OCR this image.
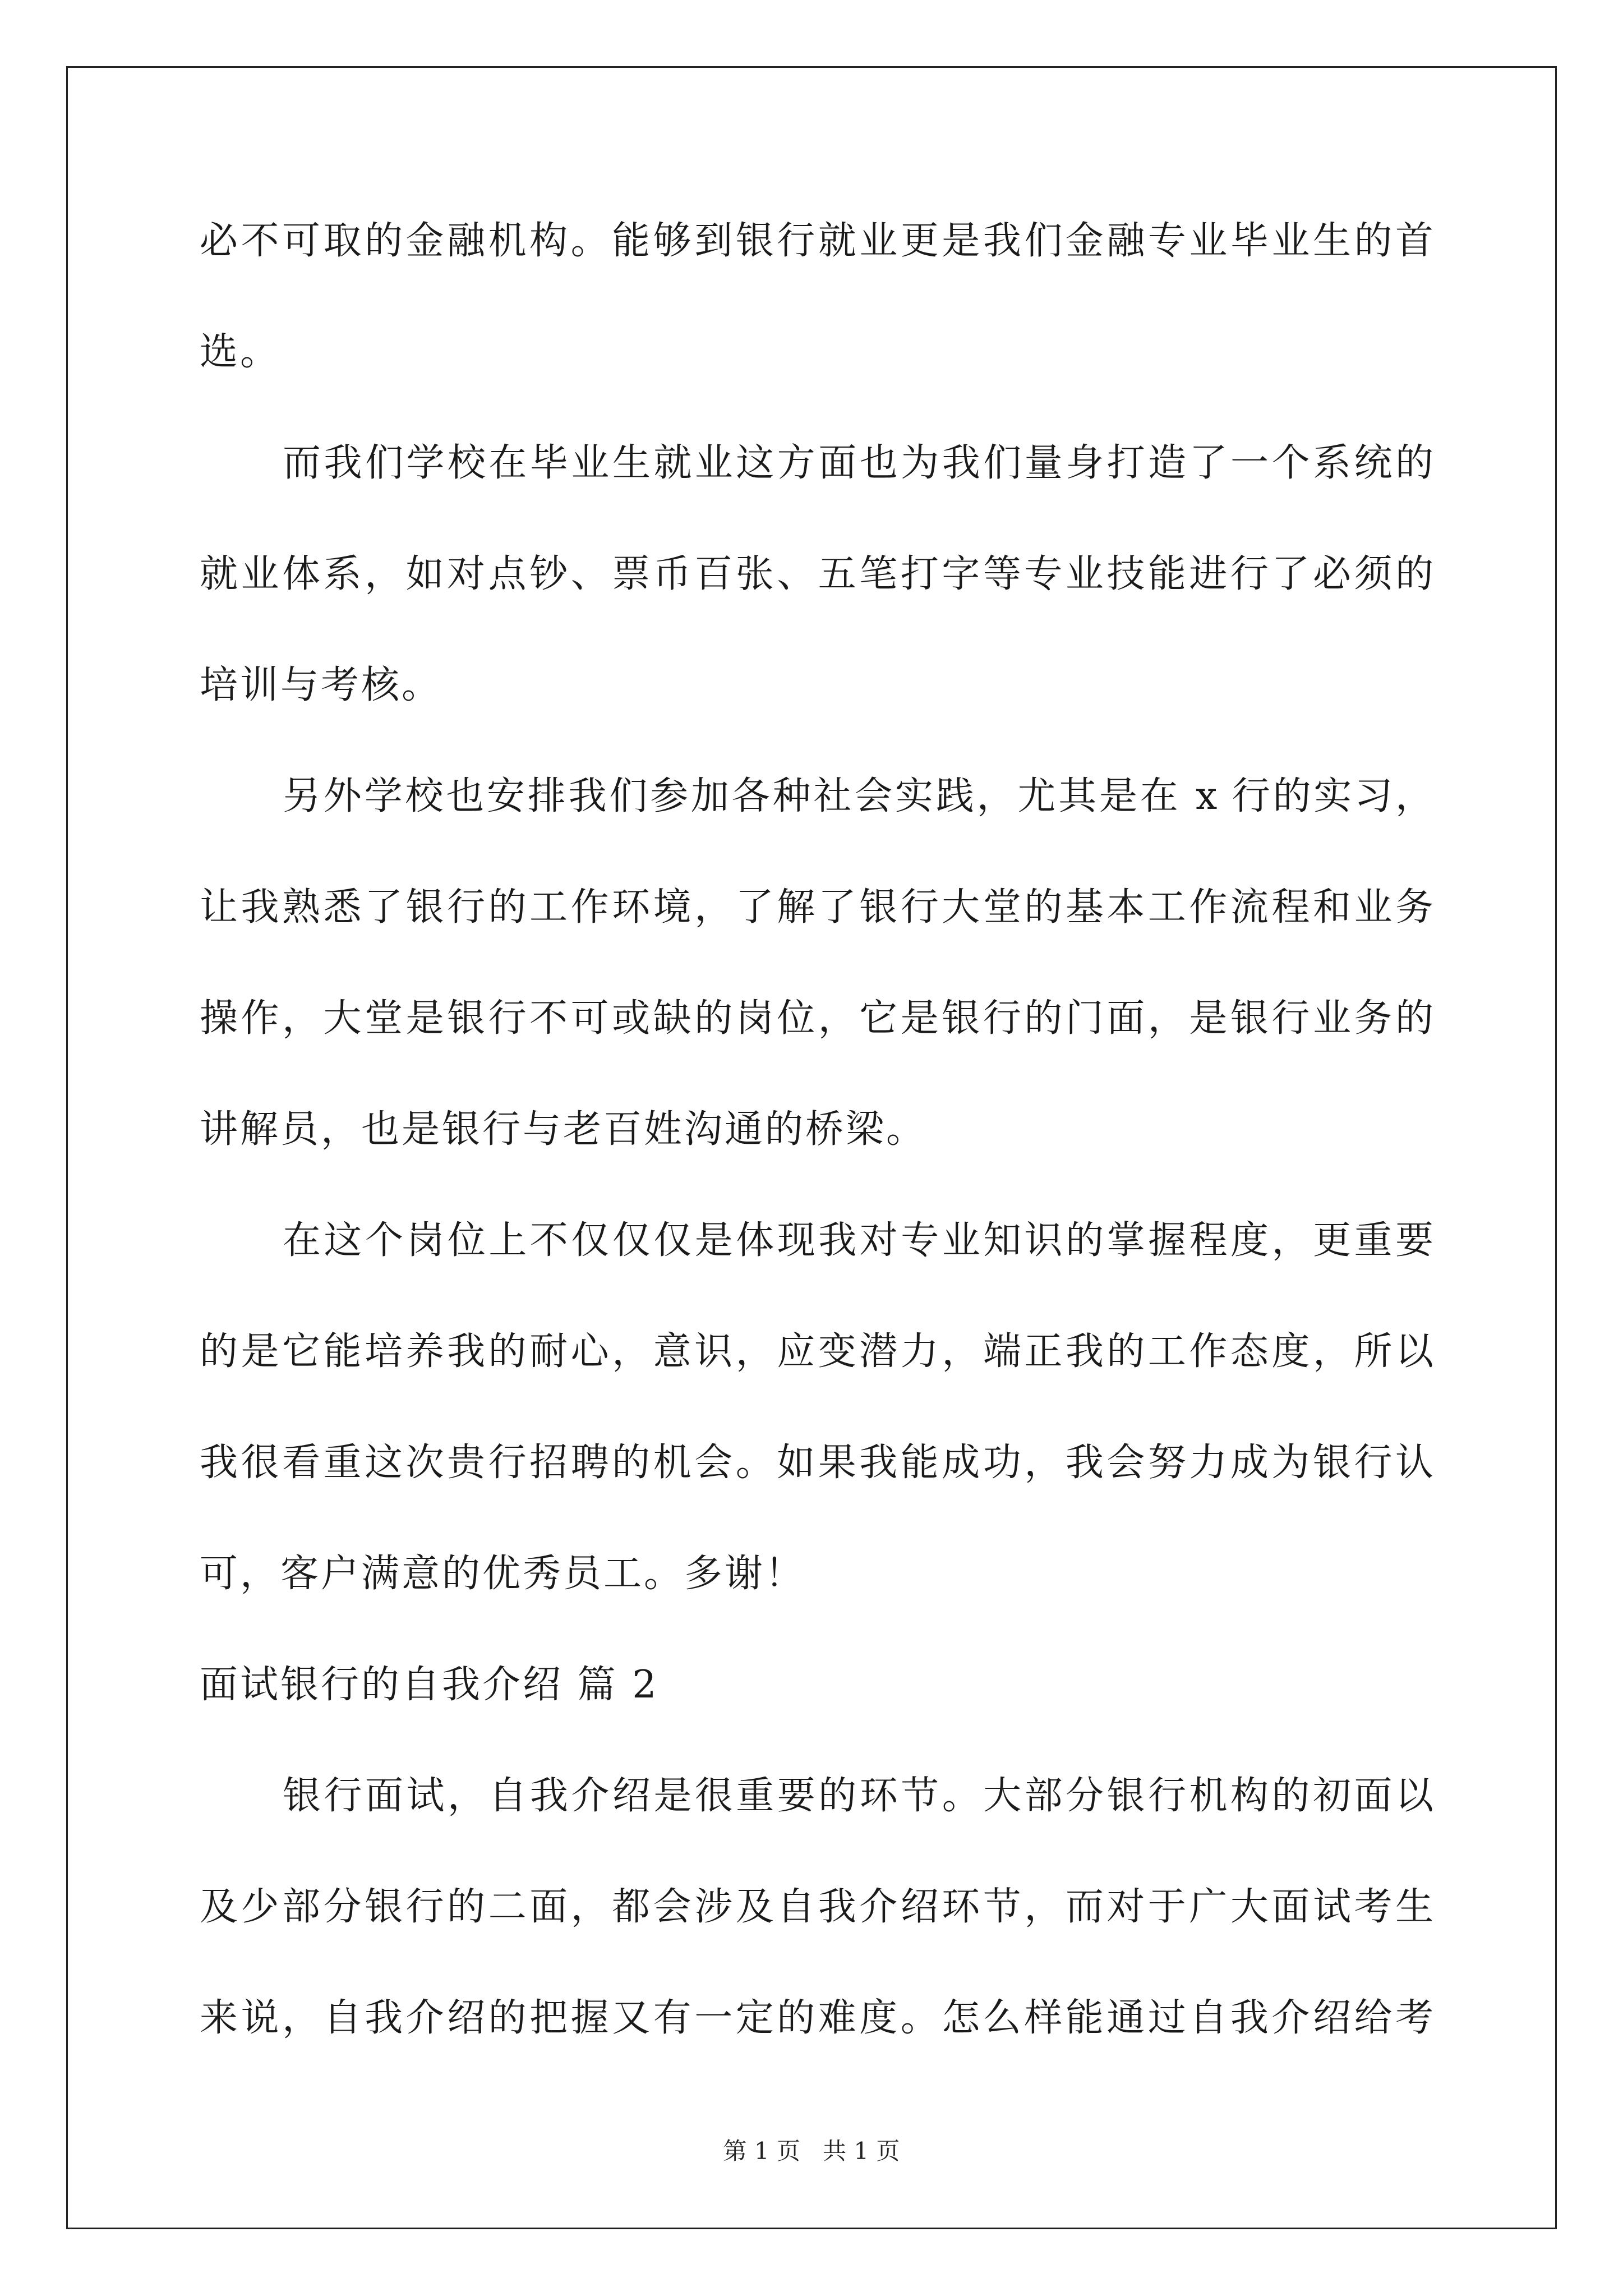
必不可取的金融机构。能够到银行就业更是我们金融专业毕业生的首
选。
而我们学校在毕业生就业这方面也为我们量身打造了一个系统的
就业体系，如对点钞、票币百张、五笔打字等专业技能进行了必须的
培训与考核。
另外学校也安排我们参加各种社会实践，尤其是在 x 行的实习，
让我熟悉了银行的工作环境，了解了银行大堂的基本工作流程和业务
操作，大堂是银行不可或缺的岗位，它是银行的门面，是银行业务的
讲解员，也是银行与老百姓沟通的桥梁。
在这个岗位上不仅仅仅是体现我对专业知识的掌握程度，更重要
的是它能培养我的耐心，意识，应变潜力，端正我的工作态度，所以
我很看重这次贵行招聘的机会。如果我能成功，我会努力成为银行认
可，客户满意的优秀员工。多谢！
面试银行的自我介绍 篇 2
银行面试，自我介绍是很重要的环节。大部分银行机构的初面以
及少部分银行的二面，都会涉及自我介绍环节，而对于广大面试考生
来说，自我介绍的把握又有一定的难度。怎么样能通过自我介绍给考
第 1 页 共 1 页
